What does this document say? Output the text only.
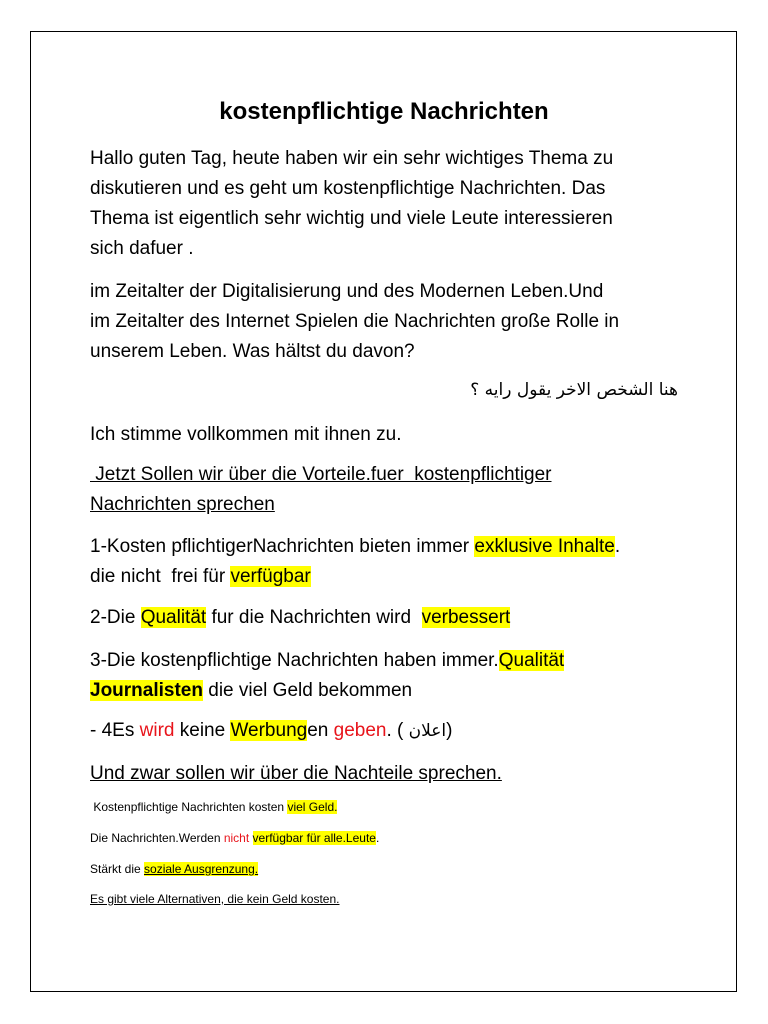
kostenpflichtige Nachrichten
Hallo guten Tag, heute haben wir ein sehr wichtiges Thema zu
diskutieren und es geht um kostenpflichtige Nachrichten. Das
Thema ist eigentlich sehr wichtig und viele Leute interessieren
sich dafuer .
im Zeitalter der Digitalisierung und des Modernen Leben.Und
im Zeitalter des Internet Spielen die Nachrichten große Rolle in
unserem Leben. Was hältst du davon?
هنا الشخص الاخر يقول رايه ؟
Ich stimme vollkommen mit ihnen zu.
Jetzt Sollen wir über die Vorteile.fuer  kostenpflichtiger
Nachrichten sprechen
1-Kosten pflichtigerNachrichten bieten immer exklusive Inhalte.
die nicht  frei für verfügbar
2-Die Qualität fur die Nachrichten wird  verbessert
3-Die kostenpflichtige Nachrichten haben immer.Qualität
Journalisten die viel Geld bekommen
- 4Es wird keine Werbungen geben. ( اعلان)
Und zwar sollen wir über die Nachteile sprechen.
Kostenpflichtige Nachrichten kosten viel Geld.
Die Nachrichten.Werden nicht verfügbar für alle.Leute.
Stärkt die soziale Ausgrenzung.
Es gibt viele Alternativen, die kein Geld kosten.
